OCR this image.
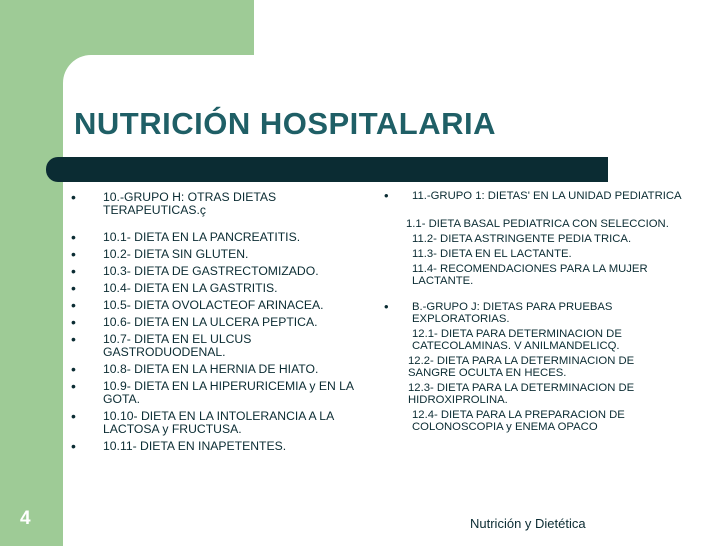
NUTRICIÓN HOSPITALARIA
• 10.-GRUPO H: OTRAS DIETAS TERAPEUTICAS.ç
• 10.1- DIETA EN LA PANCREATITIS.
• 10.2- DIETA SIN GLUTEN.
• 10.3- DIETA DE GASTRECTOMIZADO.
• 10.4- DIETA EN LA GASTRITIS.
• 10.5- DIETA OVOLACTEOF ARINACEA.
• 10.6- DIETA EN LA ULCERA PEPTICA.
• 10.7- DIETA EN EL ULCUS GASTRODUODENAL.
• 10.8- DIETA EN LA HERNIA DE HIATO.
• 10.9- DIETA EN LA HIPERURICEMIA y EN LA GOTA.
• 10.10- DIETA EN LA INTOLERANCIA A LA LACTOSA y FRUCTUSA.
• 10.11- DIETA EN INAPETENTES.
• 11.-GRUPO 1: DIETAS' EN LA UNIDAD PEDIATRICA
1.1- DIETA BASAL PEDIATRICA CON SELECCION.
11.2- DIETA ASTRINGENTE PEDIA TRICA.
11.3- DIETA EN EL LACTANTE.
11.4- RECOMENDACIONES PARA LA MUJER LACTANTE.
• B.-GRUPO J: DIETAS PARA PRUEBAS EXPLORATORIAS.
12.1- DIETA PARA DETERMINACION DE CATECOLAMINAS. V ANILMANDELICQ.
12.2- DIETA PARA LA DETERMINACION DE SANGRE OCULTA EN HECES.
12.3- DIETA PARA LA DETERMINACION DE HIDROXIPROLINA.
12.4- DIETA PARA LA PREPARACION DE COLONOSCOPIA y ENEMA OPACO
Nutrición y Dietética
4
